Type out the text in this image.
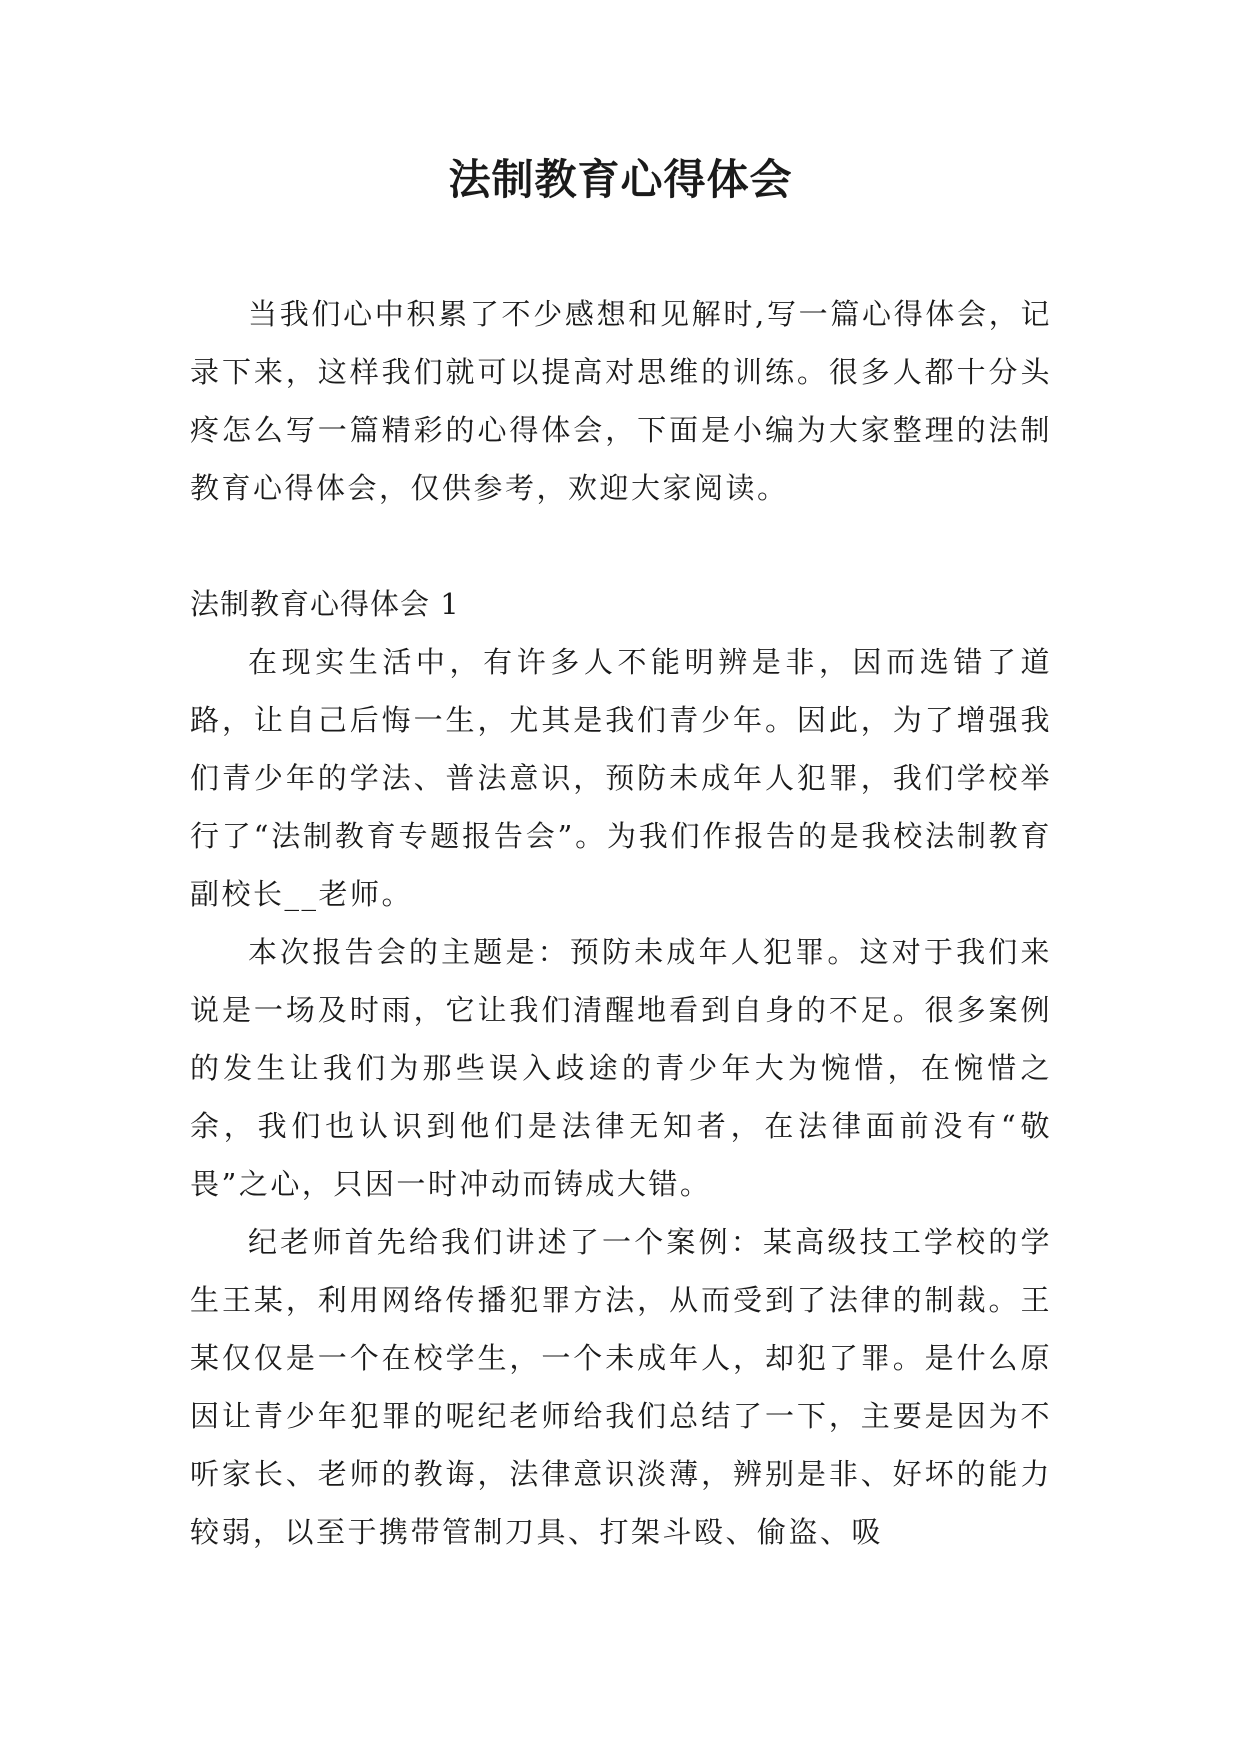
法制教育心得体会

当我们心中积累了不少感想和见解时,写一篇心得体会，记录下来，这样我们就可以提高对思维的训练。很多人都十分头疼怎么写一篇精彩的心得体会，下面是小编为大家整理的法制教育心得体会，仅供参考，欢迎大家阅读。

法制教育心得体会 1

在现实生活中，有许多人不能明辨是非，因而选错了道路，让自己后悔一生，尤其是我们青少年。因此，为了增强我们青少年的学法、普法意识，预防未成年人犯罪，我们学校举行了“法制教育专题报告会”。为我们作报告的是我校法制教育副校长__老师。

本次报告会的主题是：预防未成年人犯罪。这对于我们来说是一场及时雨，它让我们清醒地看到自身的不足。很多案例的发生让我们为那些误入歧途的青少年大为惋惜，在惋惜之余，我们也认识到他们是法律无知者，在法律面前没有“敬畏”之心，只因一时冲动而铸成大错。

纪老师首先给我们讲述了一个案例：某高级技工学校的学生王某，利用网络传播犯罪方法，从而受到了法律的制裁。王某仅仅是一个在校学生，一个未成年人，却犯了罪。是什么原因让青少年犯罪的呢纪老师给我们总结了一下，主要是因为不听家长、老师的教诲，法律意识淡薄，辨别是非、好坏的能力较弱，以至于携带管制刀具、打架斗殴、偷盗、吸
